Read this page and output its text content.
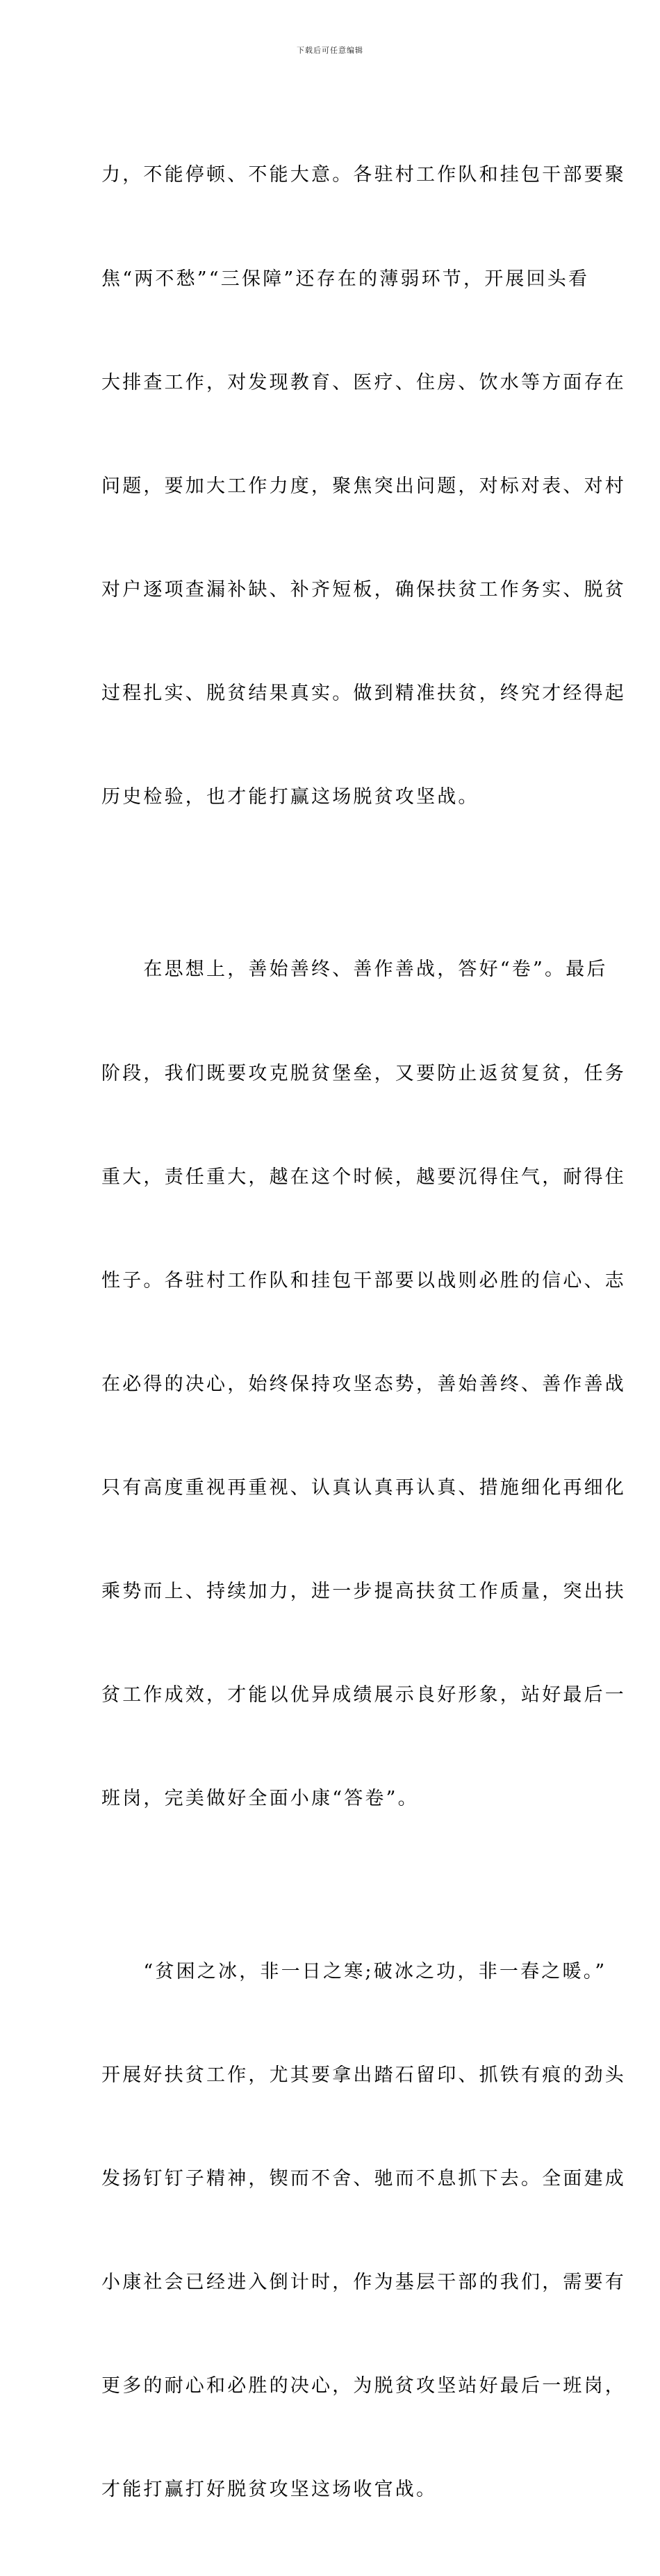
下载后可任意编辑

力，不能停顿、不能大意。各驻村工作队和挂包干部要聚

焦“两不愁”“三保障”还存在的薄弱环节，开展回头看

大排查工作，对发现教育、医疗、住房、饮水等方面存在

问题，要加大工作力度，聚焦突出问题，对标对表、对村

对户逐项查漏补缺、补齐短板，确保扶贫工作务实、脱贫

过程扎实、脱贫结果真实。做到精准扶贫，终究才经得起

历史检验，也才能打赢这场脱贫攻坚战。

　　在思想上，善始善终、善作善战，答好“卷”。最后

阶段，我们既要攻克脱贫堡垒，又要防止返贫复贫，任务

重大，责任重大，越在这个时候，越要沉得住气，耐得住

性子。各驻村工作队和挂包干部要以战则必胜的信心、志

在必得的决心，始终保持攻坚态势，善始善终、善作善战

只有高度重视再重视、认真认真再认真、措施细化再细化

乘势而上、持续加力，进一步提高扶贫工作质量，突出扶

贫工作成效，才能以优异成绩展示良好形象，站好最后一

班岗，完美做好全面小康“答卷”。

　　“贫困之冰，非一日之寒;破冰之功，非一春之暖。”

开展好扶贫工作，尤其要拿出踏石留印、抓铁有痕的劲头

发扬钉钉子精神，锲而不舍、驰而不息抓下去。全面建成

小康社会已经进入倒计时，作为基层干部的我们，需要有

更多的耐心和必胜的决心，为脱贫攻坚站好最后一班岗，

才能打赢打好脱贫攻坚这场收官战。
